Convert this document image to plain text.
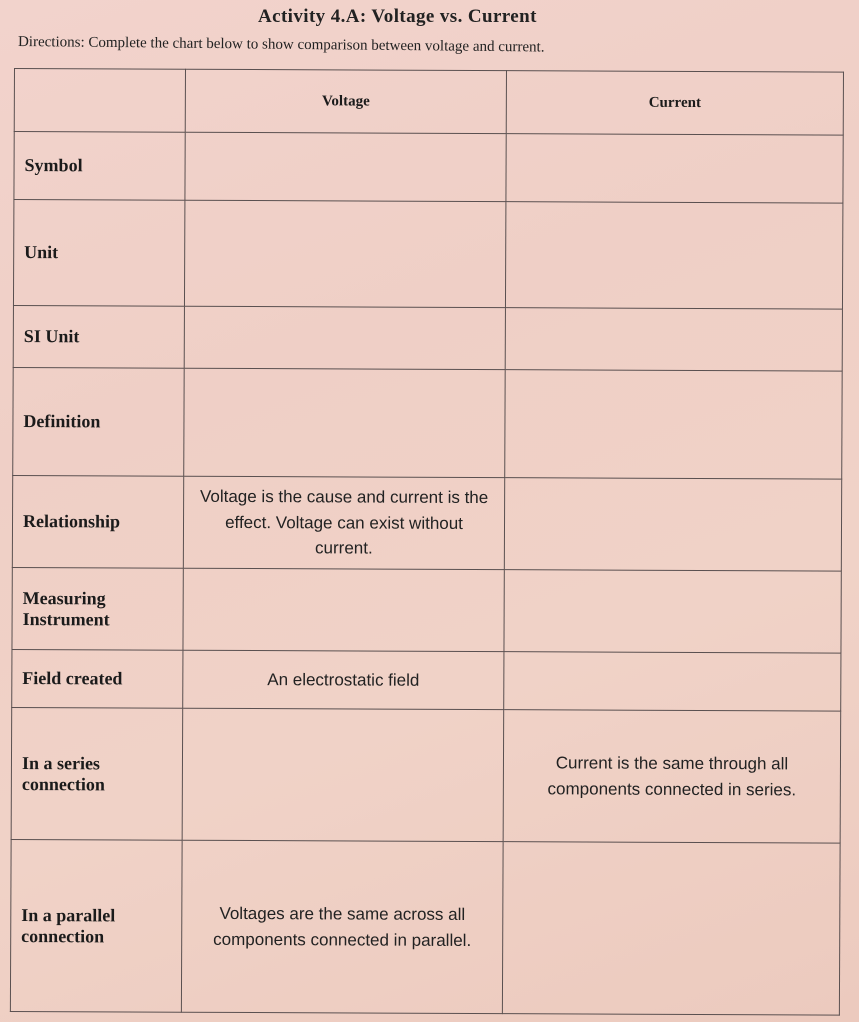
Activity 4.A: Voltage vs. Current
Directions: Complete the chart below to show comparison between voltage and current.
	Voltage	Current
Symbol		
Unit		
SI Unit		
Definition		
Relationship	Voltage is the cause and current is the effect. Voltage can exist without current.	
Measuring Instrument		
Field created	An electrostatic field	
In a series connection		Current is the same through all components connected in series.
In a parallel connection	Voltages are the same across all components connected in parallel.	
